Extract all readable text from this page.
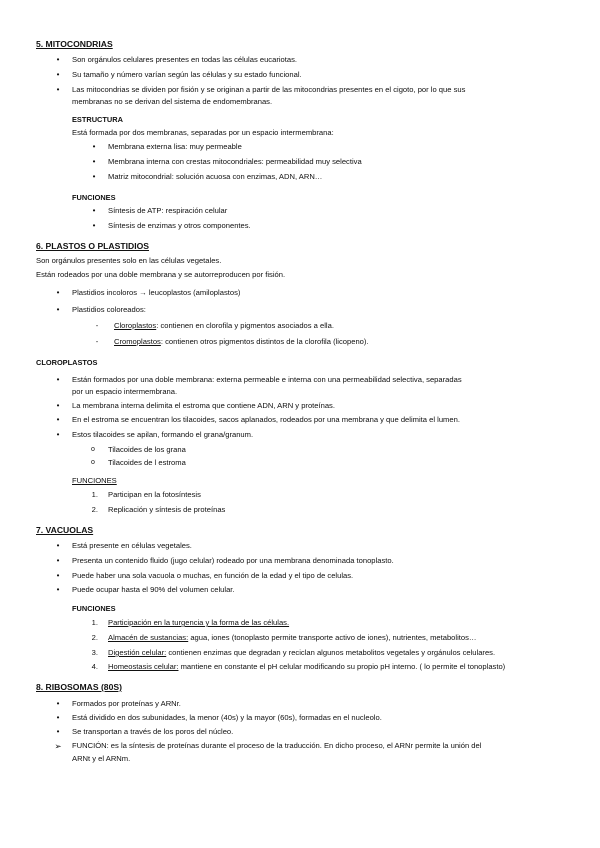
5. MITOCONDRIAS
•	Son orgánulos celulares presentes en todas las células eucariotas.
•	Su tamaño y número varían según las células y su estado funcional.
•	Las mitocondrias se dividen por fisión y se originan a partir de las mitocondrias presentes en el cigoto, por lo que sus
membranas no se derivan del sistema de endomembranas.
ESTRUCTURA
Está formada por dos membranas, separadas por un espacio intermembrana:
•	Membrana externa lisa: muy permeable
•	Membrana interna con crestas mitocondriales: permeabilidad muy selectiva
•	Matriz mitocondrial: solución acuosa con enzimas, ADN, ARN…
FUNCIONES
•	Síntesis de ATP: respiración celular
•	Síntesis de enzimas y otros componentes.
6. PLASTOS O PLASTIDIOS
Son orgánulos presentes solo en las células vegetales.
Están rodeados por una doble membrana y se autorreproducen por fisión.
•	Plastidios incoloros → leucoplastos (amiloplastos)
•	Plastidios coloreados:
-	Cloroplastos: contienen en clorofila y pigmentos asociados a ella.
-	Cromoplastos: contienen otros pigmentos distintos de la clorofila (licopeno).
CLOROPLASTOS
•	Están formados por una doble membrana: externa permeable e interna con una permeabilidad selectiva, separadas
por un espacio intermembrana.
•	La membrana interna delimita el estroma que contiene ADN, ARN y proteínas.
•	En el estroma se encuentran los tilacoides, sacos aplanados, rodeados por una membrana y que delimita el lumen.
•	Estos tilacoides se apilan, formando el grana/granum.
o	Tilacoides de los grana
o	Tilacoides de l estroma
FUNCIONES
1. Participan en la fotosíntesis
2. Replicación y síntesis de proteínas
7. VACUOLAS
•	Está presente en células vegetales.
•	Presenta un contenido fluido (jugo celular) rodeado por una membrana denominada tonoplasto.
•	Puede haber una sola vacuola o muchas, en función de la edad y el tipo de celulas.
•	Puede ocupar hasta el 90% del volumen celular.
FUNCIONES
1. Participación en la turgencia y la forma de las células.
2. Almacén de sustancias: agua, iones (tonoplasto permite transporte activo de iones), nutrientes, metabolitos…
3. Digestión celular: contienen enzimas que degradan y reciclan algunos metabolitos vegetales y orgánulos celulares.
4. Homeostasis celular: mantiene en constante el pH celular modificando su propio pH interno. ( lo permite el tonoplasto)
8. RIBOSOMAS (80S)
•	Formados por proteínas y ARNr.
•	Está dividido en dos subunidades, la menor (40s) y la mayor (60s), formadas en el nucleolo.
•	Se transportan a través de los poros del núcleo.
➢	FUNCIÓN: es la síntesis de proteínas durante el proceso de la traducción. En dicho proceso, el ARNr permite la unión del
ARNt y el ARNm.
